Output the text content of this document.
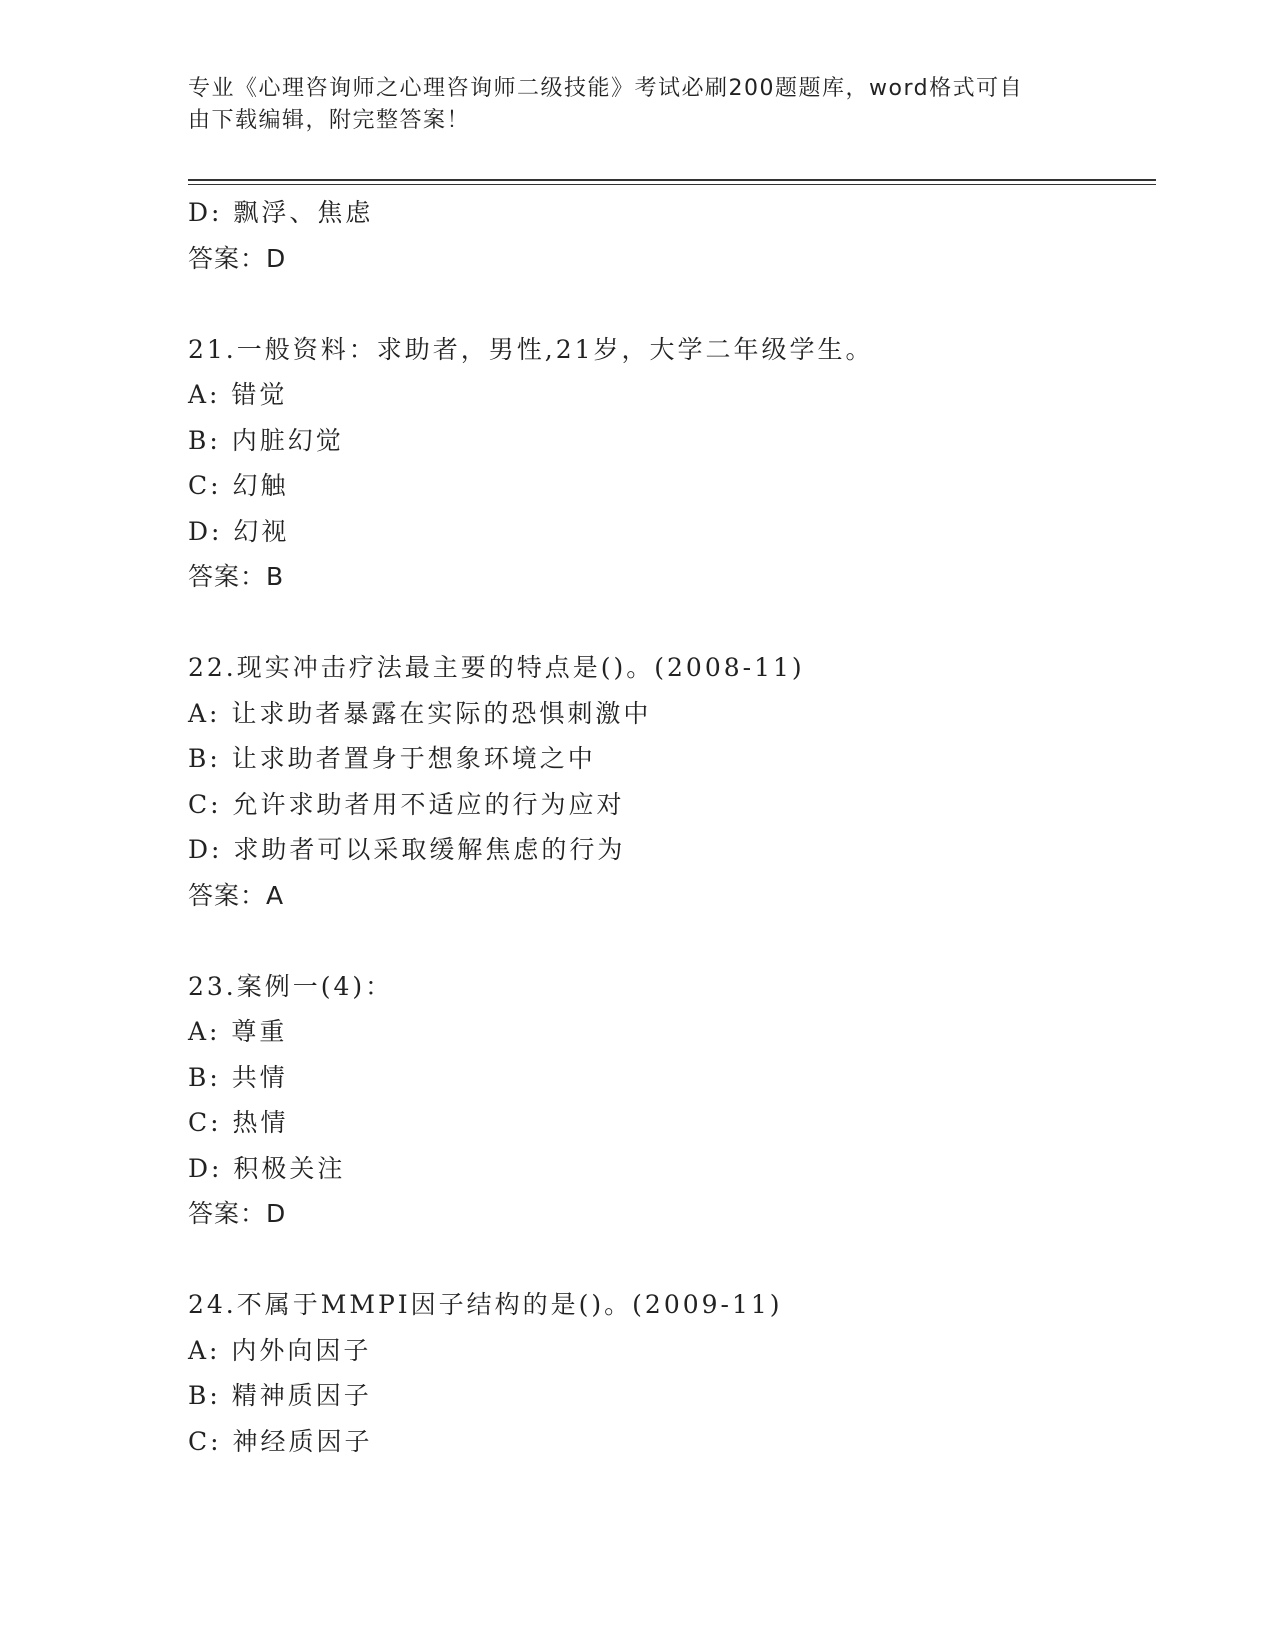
专业《心理咨询师之心理咨询师二级技能》考试必刷200题题库，word格式可自
由下载编辑，附完整答案！
D: 飘浮、焦虑
答案：D
21.一般资料：求助者，男性,21岁，大学二年级学生。
A: 错觉
B: 内脏幻觉
C: 幻触
D: 幻视
答案：B
22.现实冲击疗法最主要的特点是()。(2008-11)
A: 让求助者暴露在实际的恐惧刺激中
B: 让求助者置身于想象环境之中
C: 允许求助者用不适应的行为应对
D: 求助者可以采取缓解焦虑的行为
答案：A
23.案例一(4)：
A: 尊重
B: 共情
C: 热情
D: 积极关注
答案：D
24.不属于MMPI因子结构的是()。(2009-11)
A: 内外向因子
B: 精神质因子
C: 神经质因子
